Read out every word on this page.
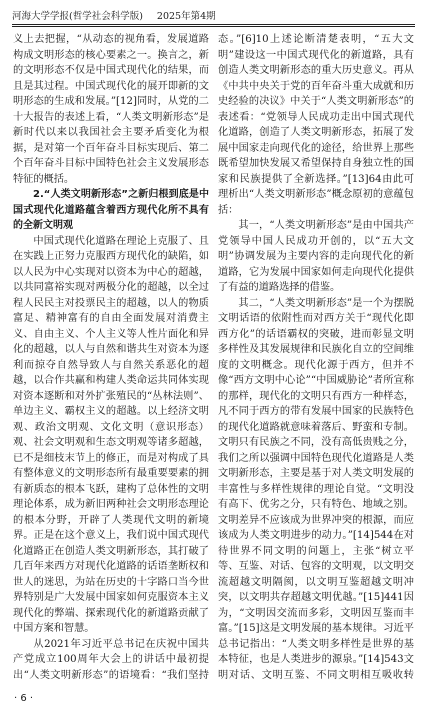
河海大学学报(哲学社会科学版) 2025年第4期

义上去把握，“从动态的视角看，发展道路构成文明形态的核心要素之一。换言之，新的文明形态不仅是中国式现代化的结果，而且是其过程。中国式现代化的展开即新的文明形态的生成和发展。”[12]同时，从党的二十大报告的表述上看，“人类文明新形态”是新时代以来以我国社会主要矛盾变化为根据，是对第一个百年奋斗目标实现后、第二个百年奋斗目标中国特色社会主义发展形态特征的概括。

2.“人类文明新形态”之新归根到底是中国式现代化道路蕴含着西方现代化所不具有的全新文明观

中国式现代化道路在理论上克服了、且在实践上正努力克服西方现代化的缺陷，如以人民为中心实现对以资本为中心的超越，以共同富裕实现对两极分化的超越，以全过程人民民主对投票民主的超越，以人的物质富足、精神富有的自由全面发展对消费主义、自由主义、个人主义等人性片面化和异化的超越，以人与自然和谐共生对资本为逐利而掠夺自然导致人与自然关系恶化的超越，以合作共赢和构建人类命运共同体实现对资本逐断和对外扩张殖民的“丛林法则”、单边主义、霸权主义的超越。以上经济文明观、政治文明观、文化文明（意识形态）观、社会文明观和生态文明观等诸多超越，已不是细枝末节上的修正，而是对构成了具有整体意义的文明形态所有最重要要素的拥有新质态的根本飞跃，建构了总体性的文明理论体系，成为新旧两种社会文明形态理论的根本分野，开辟了人类现代文明的新境界。正是在这个意义上，我们说中国式现代化道路正在创造人类文明新形态，其打破了几百年来西方对现代化道路的话语垄断权和世人的迷思，为站在历史的十字路口当今世界特别是广大发展中国家如何克服资本主义现代化的弊端、探索现代化的新道路贡献了中国方案和智慧。

从2021年习近平总书记在庆祝中国共产党成立100周年大会上的讲话中最初提出“人类文明新形态”的语境看：“我们坚持

态。”[6]10上述论断清楚表明，“五大文明”建设这一中国式现代化的新道路，具有创造人类文明新形态的重大历史意义。再从《中共中央关于党的百年奋斗重大成就和历史经验的决议》中关于“人类文明新形态”的表述看：“党领导人民成功走出中国式现代化道路，创造了人类文明新形态，拓展了发展中国家走向现代化的途径，给世界上那些既希望加快发展又希望保持自身独立性的国家和民族提供了全新选择。”[13]64由此可理析出“人类文明新形态”概念原初的意蕴包括：

其一，“人类文明新形态”是由中国共产党领导中国人民成功开创的，以“五大文明”协调发展为主要内容的走向现代化的新道路，它为发展中国家如何走向现代化提供了有益的道路选择的借鉴。

其二，“人类文明新形态”是一个为摆脱文明话语的依附性而对西方关于“现代化即西方化”的话语霸权的突破，进而彰显文明多样性及其发展规律和民族化自立的空间维度的文明概念。现代化源于西方，但并不像“西方文明中心论”“中国威胁论”者所宣称的那样，现代化的文明只有西方一种样态，凡不同于西方的带有发展中国家的民族特色的现代化道路就意味着落后、野蛮和专制。文明只有民族之不同，没有高低贵贱之分，我们之所以强调中国特色现代化道路是人类文明新形态，主要是基于对人类文明发展的丰富性与多样性规律的理论自觉。“文明没有高下、优劣之分，只有特色、地域之别。文明差异不应该成为世界冲突的根源，而应该成为人类文明进步的动力。”[14]544在对待世界不同文明的问题上，主张“树立平等、互鉴、对话、包容的文明观，以文明交流超越文明隔阂，以文明互鉴超越文明冲突，以文明共存超越文明优越。”[15]441因为，“文明因交流而多彩，文明因互鉴而丰富。”[15]这是文明发展的基本规律。习近平总书记指出：“人类文明多样性是世界的基本特征，也是人类进步的源泉。”[14]543文明对话、文明互鉴、不同文明相互吸收转

· 6 ·
